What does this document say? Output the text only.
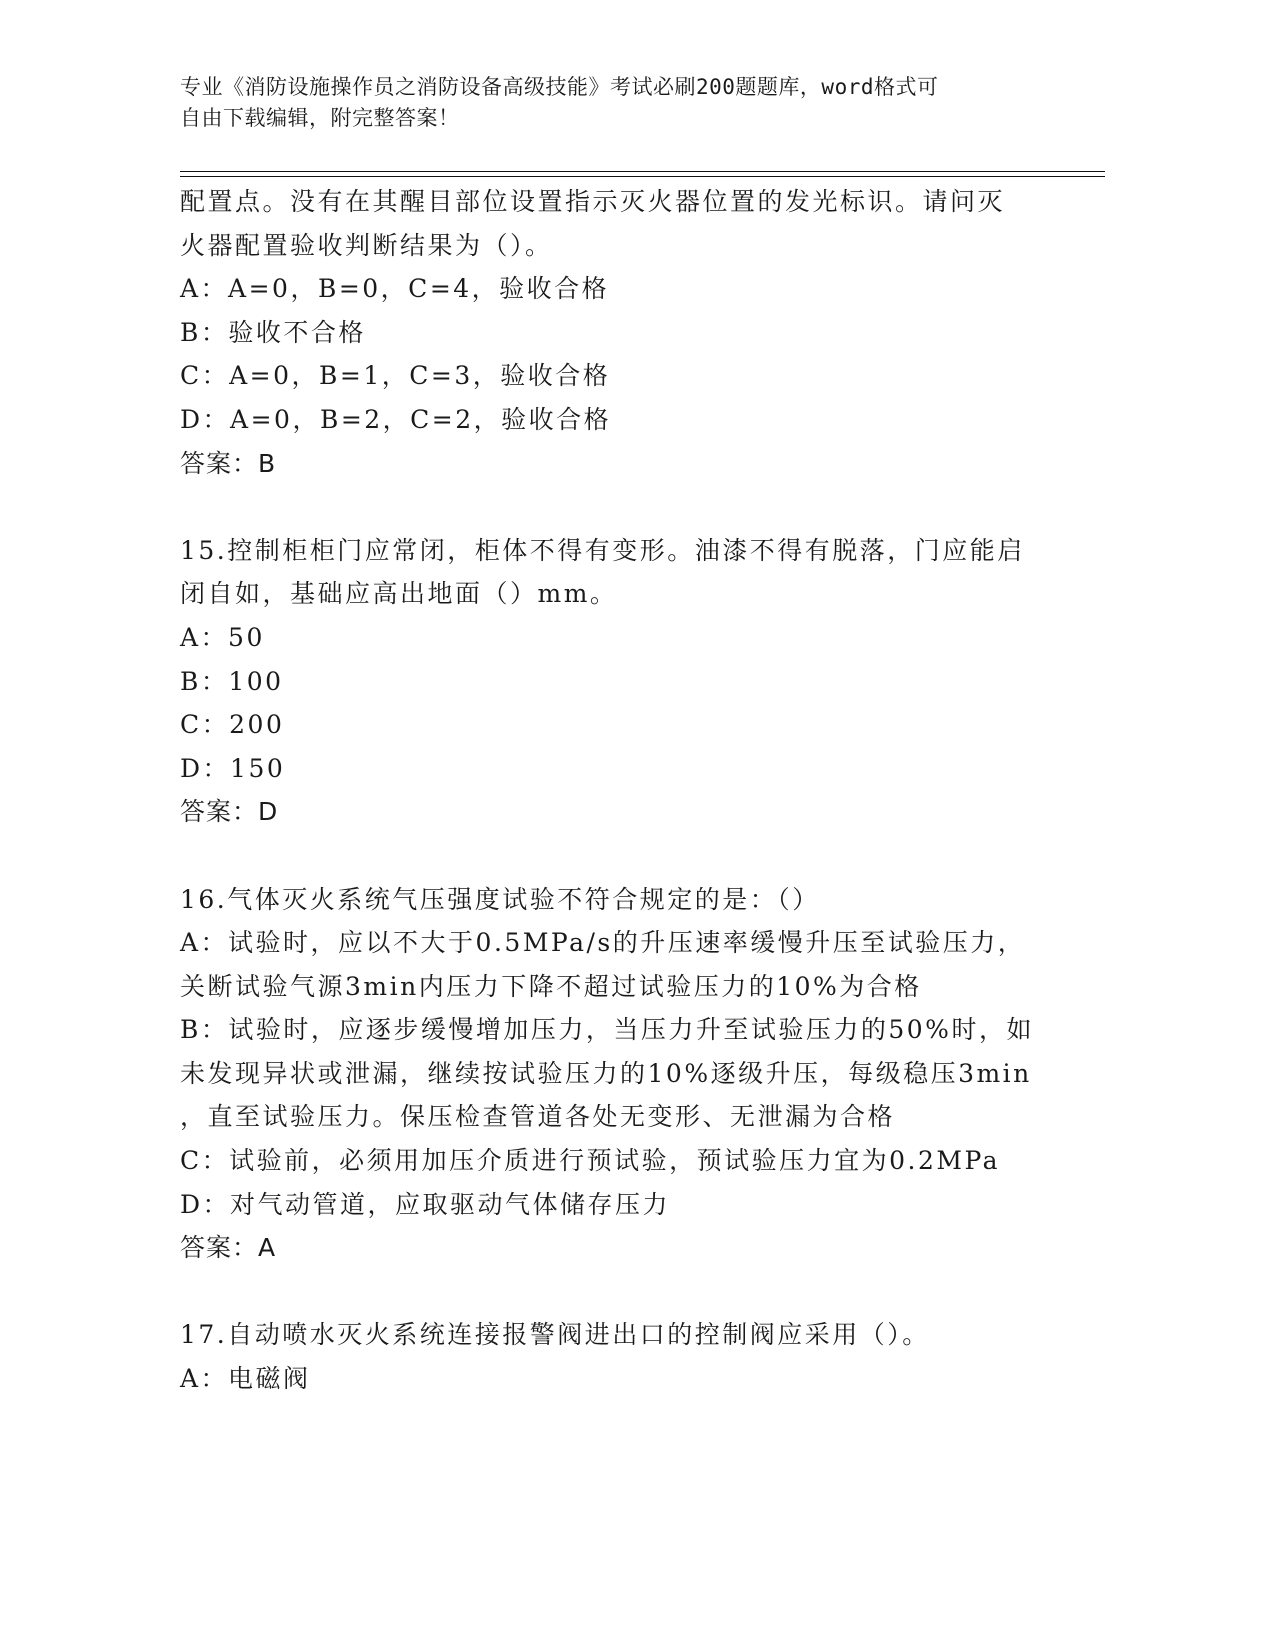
专业《消防设施操作员之消防设备高级技能》考试必刷200题题库，word格式可
自由下载编辑，附完整答案！

配置点。没有在其醒目部位设置指示灭火器位置的发光标识。请问灭

火器配置验收判断结果为（）。

A：A=0，B=0，C=4，验收合格

B：验收不合格

C：A=0，B=1，C=3，验收合格

D：A=0，B=2，C=2，验收合格

答案：B

15.控制柜柜门应常闭，柜体不得有变形。油漆不得有脱落，门应能启

闭自如，基础应高出地面（）mm。

A：50

B：100

C：200

D：150

答案：D

16.气体灭火系统气压强度试验不符合规定的是：（）

A：试验时，应以不大于0.5MPa/s的升压速率缓慢升压至试验压力，

关断试验气源3min内压力下降不超过试验压力的10%为合格

B：试验时，应逐步缓慢增加压力，当压力升至试验压力的50%时，如

未发现异状或泄漏，继续按试验压力的10%逐级升压，每级稳压3min

，直至试验压力。保压检查管道各处无变形、无泄漏为合格

C：试验前，必须用加压介质进行预试验，预试验压力宜为0.2MPa

D：对气动管道，应取驱动气体储存压力

答案：A

17.自动喷水灭火系统连接报警阀进出口的控制阀应采用（）。

A：电磁阀
